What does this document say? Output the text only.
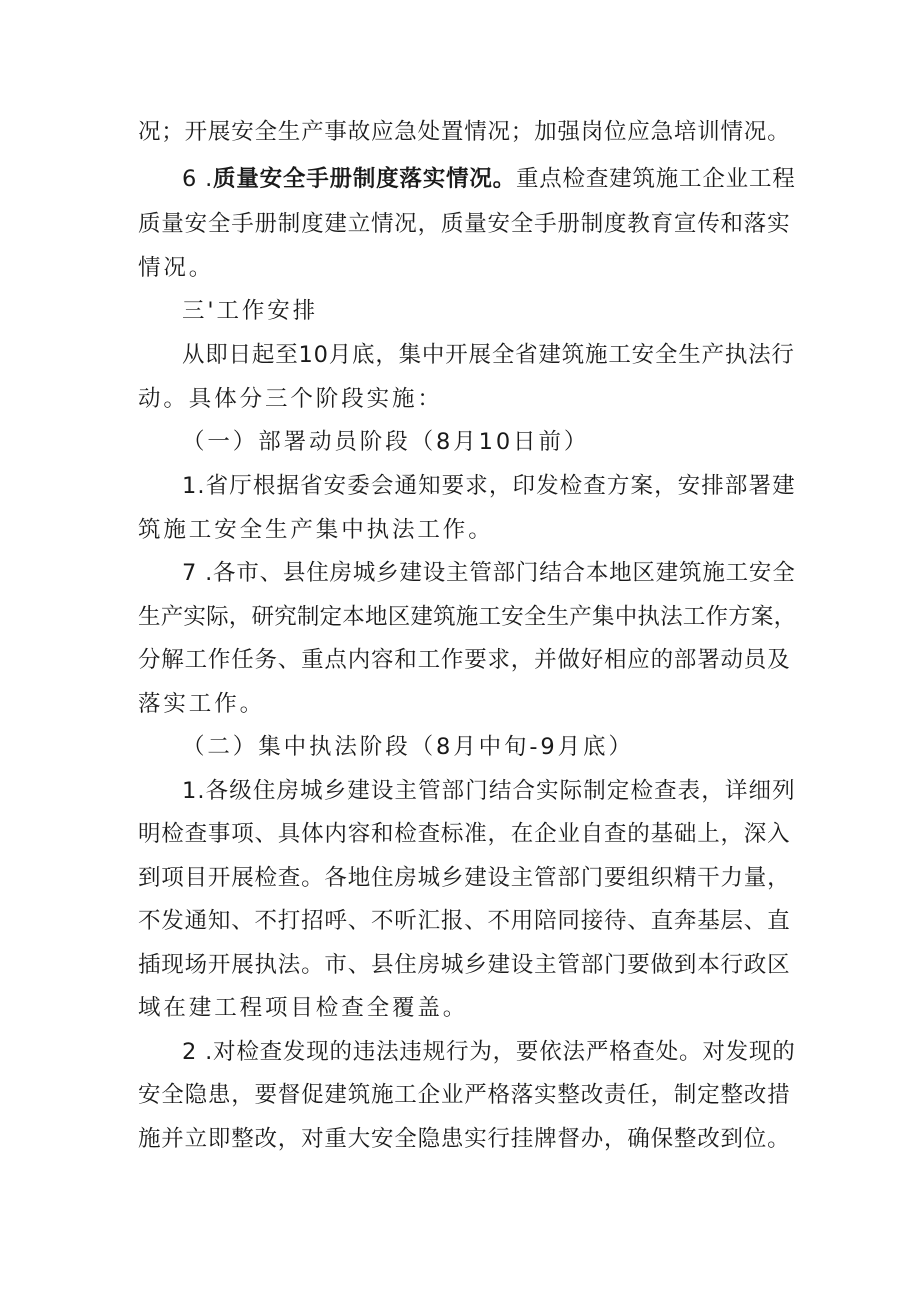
况；开展安全生产事故应急处置情况；加强岗位应急培训情况。
6 .质量安全手册制度落实情况。重点检查建筑施工企业工程
质量安全手册制度建立情况，质量安全手册制度教育宣传和落实
情况。
三'工作安排
从即日起至10月底，集中开展全省建筑施工安全生产执法行
动。具体分三个阶段实施：
（一）部署动员阶段（8月10日前）
1.省厅根据省安委会通知要求，印发检查方案，安排部署建
筑施工安全生产集中执法工作。
7 .各市、县住房城乡建设主管部门结合本地区建筑施工安全
生产实际，研究制定本地区建筑施工安全生产集中执法工作方案，
分解工作任务、重点内容和工作要求，并做好相应的部署动员及
落实工作。
（二）集中执法阶段（8月中旬-9月底）
1.各级住房城乡建设主管部门结合实际制定检查表，详细列
明检查事项、具体内容和检查标准，在企业自查的基础上，深入
到项目开展检查。各地住房城乡建设主管部门要组织精干力量，
不发通知、不打招呼、不听汇报、不用陪同接待、直奔基层、直
插现场开展执法。市、县住房城乡建设主管部门要做到本行政区
域在建工程项目检查全覆盖。
2 .对检查发现的违法违规行为，要依法严格查处。对发现的
安全隐患，要督促建筑施工企业严格落实整改责任，制定整改措
施并立即整改，对重大安全隐患实行挂牌督办，确保整改到位。
